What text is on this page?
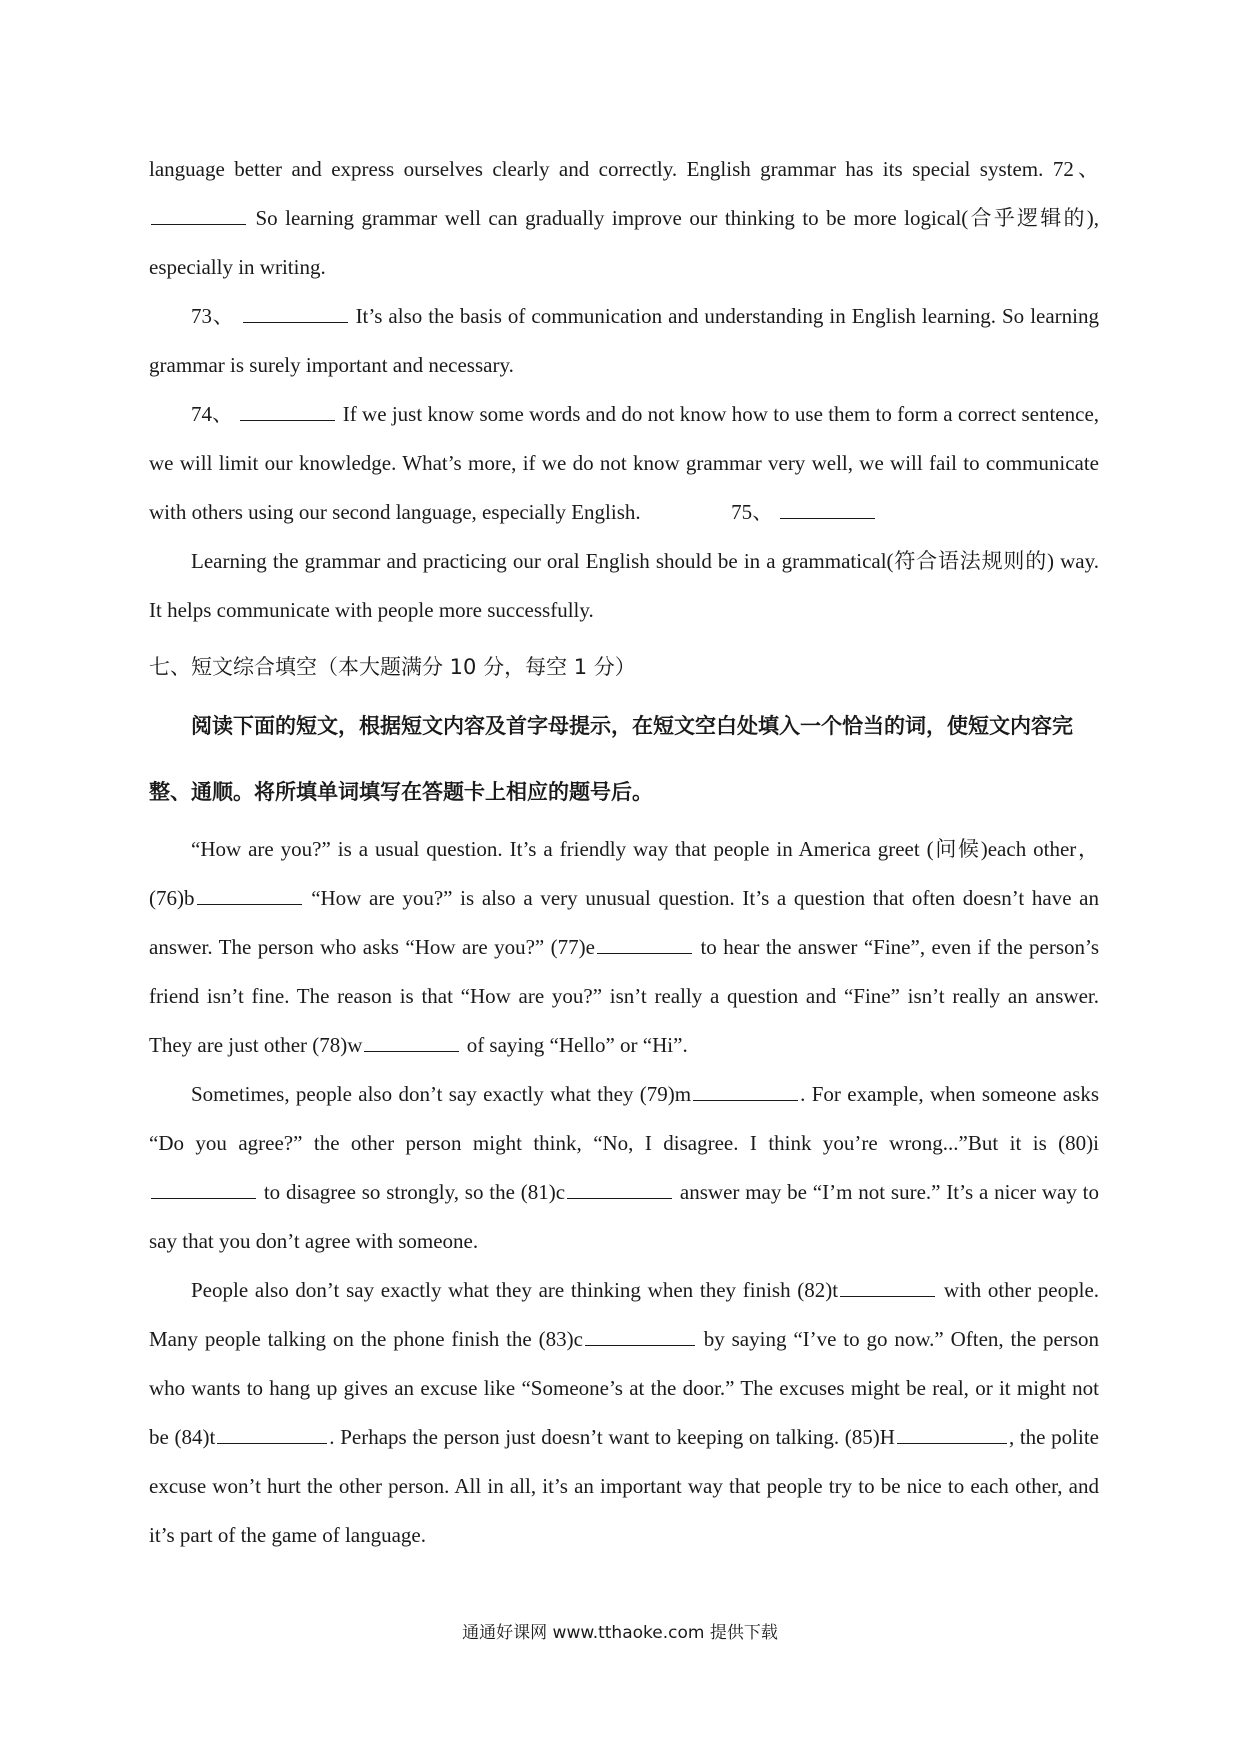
language better and express ourselves clearly and correctly. English grammar has its special system. 72、  So learning grammar well can gradually improve our thinking to be more logical(合乎逻辑的), especially in writing.

73、	It’s also the basis of communication and understanding in English learning. So learning grammar is surely important and necessary.

74、	If we just know some words and do not know how to use them to form a correct sentence, we will limit our knowledge. What’s more, if we do not know grammar very well, we will fail to communicate with others using our second language, especially English.	75、

Learning the grammar and practicing our oral English should be in a grammatical(符合语法规则的) way. It helps communicate with people more successfully.

七、短文综合填空（本大题满分 10 分，每空 1 分）

阅读下面的短文，根据短文内容及首字母提示，在短文空白处填入一个恰当的词，使短文内容完整、通顺。将所填单词填写在答题卡上相应的题号后。

“How are you?” is a usual question. It’s a friendly way that people in America greet (问候)each other，(76)b	“How are you?” is also a very unusual question. It’s a question that often doesn’t have an answer. The person who asks “How are you?” (77)e	to hear the answer “Fine”, even if the person’s friend isn’t fine. The reason is that “How are you?” isn’t really a question and “Fine” isn’t really an answer. They are just other (78)w	of saying “Hello” or “Hi”.

Sometimes, people also don’t say exactly what they (79)m	. For example, when someone asks “Do you agree?” the other person might think, “No, I disagree. I think you’re wrong...”But it is (80)i to disagree so strongly, so the (81)c	answer may be “I’m not sure.” It’s a nicer way to say that you don’t agree with someone.

People also don’t say exactly what they are thinking when they finish (82)t	with other people. Many people talking on the phone finish the (83)c	by saying “I’ve to go now.” Often, the person who wants to hang up gives an excuse like “Someone’s at the door.” The excuses might be real, or it might not be (84)t	. Perhaps the person just doesn’t want to keeping on talking. (85)H	, the polite excuse won’t hurt the other person. All in all, it’s an important way that people try to be nice to each other, and it’s part of the game of language.

通通好课网 www.tthaoke.com 提供下载
